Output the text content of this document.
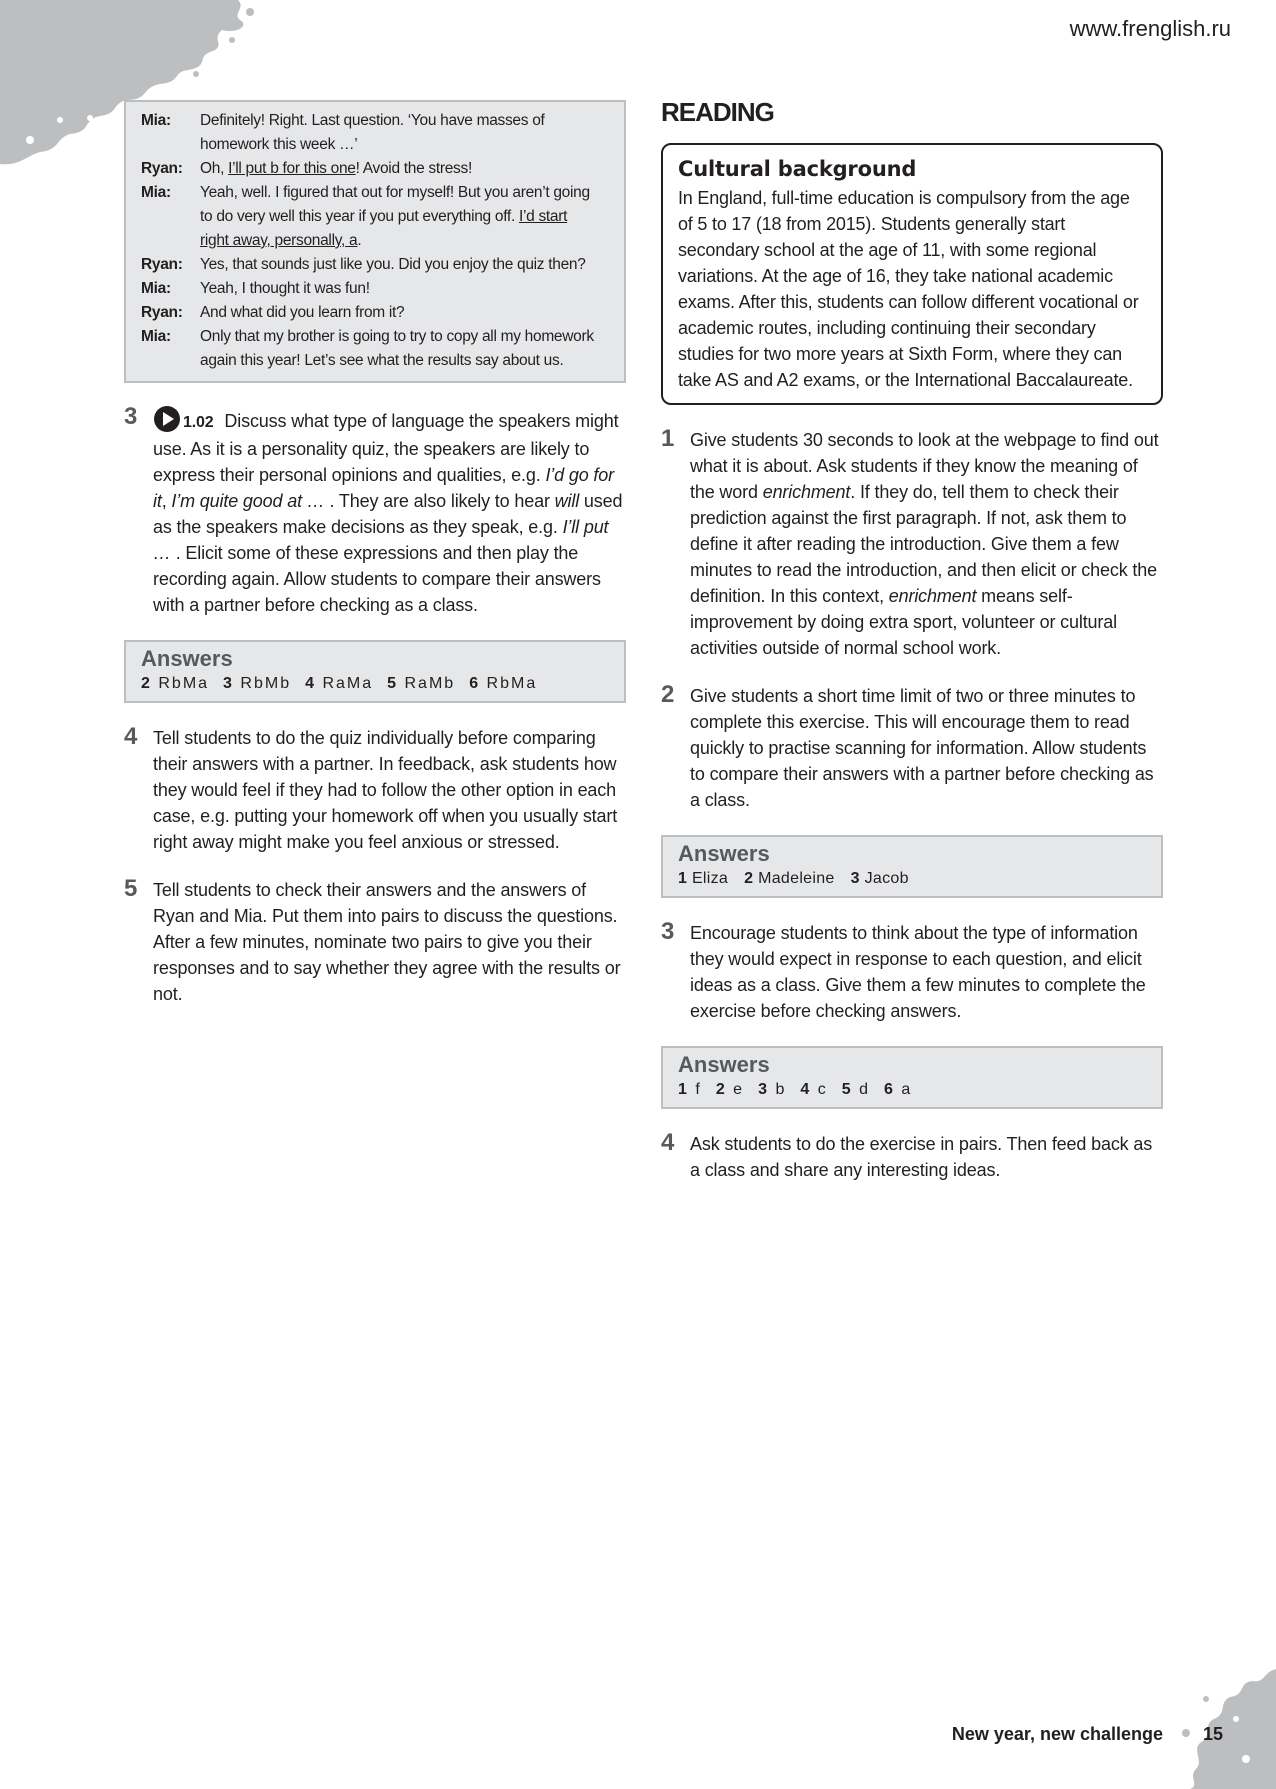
www.frenglish.ru
Mia:	Definitely! Right. Last question. ‘You have masses of homework this week …’
Ryan:	Oh, I’ll put b for this one! Avoid the stress!
Mia:	Yeah, well. I figured that out for myself! But you aren’t going to do very well this year if you put everything off. I’d start right away, personally, a.
Ryan:	Yes, that sounds just like you. Did you enjoy the quiz then?
Mia:	Yeah, I thought it was fun!
Ryan:	And what did you learn from it?
Mia:	Only that my brother is going to try to copy all my homework again this year! Let’s see what the results say about us.
3	1.02 Discuss what type of language the speakers might use. As it is a personality quiz, the speakers are likely to express their personal opinions and qualities, e.g. I’d go for it, I’m quite good at … . They are also likely to hear will used as the speakers make decisions as they speak, e.g. I’ll put … . Elicit some of these expressions and then play the recording again. Allow students to compare their answers with a partner before checking as a class.
Answers
2 RbMa 3 RbMb 4 RaMa 5 RaMb 6 RbMa
4 Tell students to do the quiz individually before comparing their answers with a partner. In feedback, ask students how they would feel if they had to follow the other option in each case, e.g. putting your homework off when you usually start right away might make you feel anxious or stressed.
5 Tell students to check their answers and the answers of Ryan and Mia. Put them into pairs to discuss the questions. After a few minutes, nominate two pairs to give you their responses and to say whether they agree with the results or not.
READING
Cultural background
In England, full-time education is compulsory from the age of 5 to 17 (18 from 2015). Students generally start secondary school at the age of 11, with some regional variations. At the age of 16, they take national academic exams. After this, students can follow different vocational or academic routes, including continuing their secondary studies for two more years at Sixth Form, where they can take AS and A2 exams, or the International Baccalaureate.
1 Give students 30 seconds to look at the webpage to find out what it is about. Ask students if they know the meaning of the word enrichment. If they do, tell them to check their prediction against the first paragraph. If not, ask them to define it after reading the introduction. Give them a few minutes to read the introduction, and then elicit or check the definition. In this context, enrichment means self-improvement by doing extra sport, volunteer or cultural activities outside of normal school work.
2 Give students a short time limit of two or three minutes to complete this exercise. This will encourage them to read quickly to practise scanning for information. Allow students to compare their answers with a partner before checking as a class.
Answers
1 Eliza 2 Madeleine 3 Jacob
3 Encourage students to think about the type of information they would expect in response to each question, and elicit ideas as a class. Give them a few minutes to complete the exercise before checking answers.
Answers
1 f 2 e 3 b 4 c 5 d 6 a
4 Ask students to do the exercise in pairs. Then feed back as a class and share any interesting ideas.
New year, new challenge 15
